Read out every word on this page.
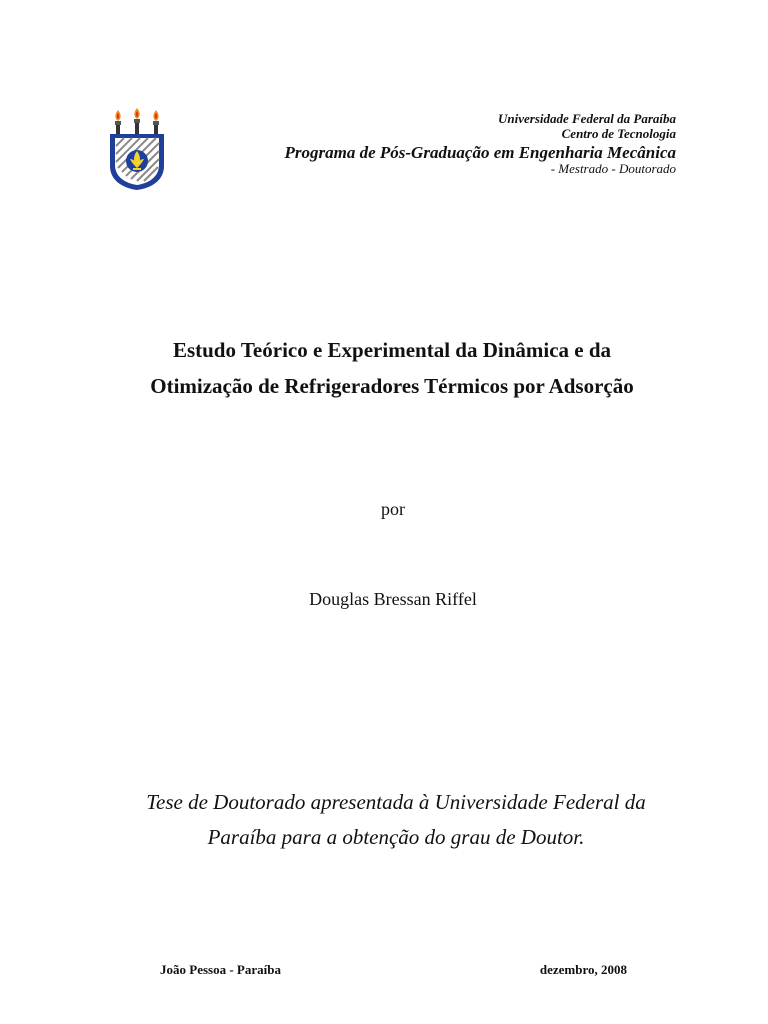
Universidade Federal da Paraíba
Centro de Tecnologia
Programa de Pós-Graduação em Engenharia Mecânica
- Mestrado - Doutorado
Estudo Teórico e Experimental da Dinâmica e da
Otimização de Refrigeradores Térmicos por Adsorção
por
Douglas Bressan Riffel
Tese de Doutorado apresentada à Universidade Federal da
Paraíba para a obtenção do grau de Doutor.
João Pessoa - Paraíba	dezembro, 2008
